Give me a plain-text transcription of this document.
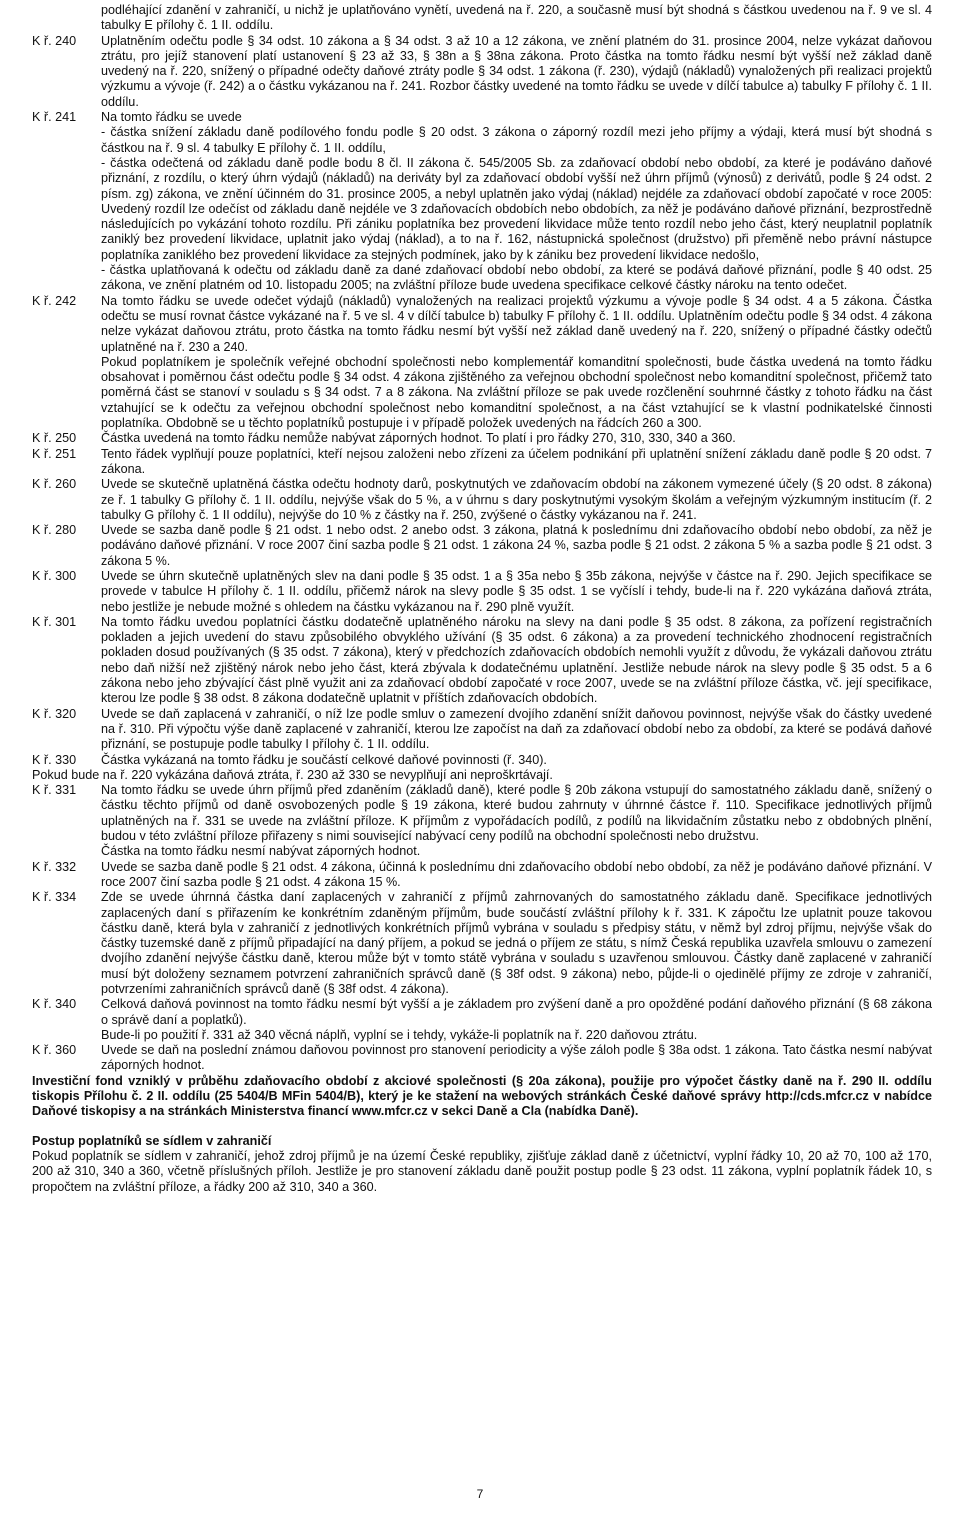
podléhající zdanění v zahraničí, u nichž je uplatňováno vynětí, uvedená na ř. 220, a současně musí být shodná s částkou uvedenou na ř. 9 ve sl. 4 tabulky E přílohy č. 1 II. oddílu.

K ř. 240	Uplatněním odečtu podle § 34 odst. 10 zákona a § 34 odst. 3 až 10 a 12 zákona, ve znění platném do 31. prosince 2004, nelze vykázat daňovou ztrátu, pro jejíž stanovení platí ustanovení § 23 až 33, § 38n a § 38na zákona. Proto částka na tomto řádku nesmí být vyšší než základ daně uvedený na ř. 220, snížený o případné odečty daňové ztráty podle § 34 odst. 1 zákona (ř. 230), výdajů (nákladů) vynaložených při realizaci projektů výzkumu a vývoje (ř. 242) a o částku vykázanou na ř. 241. Rozbor částky uvedené na tomto řádku se uvede v dílčí tabulce a) tabulky F přílohy č. 1 II. oddílu.

K ř. 241	Na tomto řádku se uvede

- částka snížení základu daně podílového fondu podle § 20 odst. 3 zákona o záporný rozdíl mezi jeho příjmy a výdaji, která musí být shodná s částkou na ř. 9 sl. 4 tabulky E přílohy č. 1 II. oddílu,

- částka odečtená od základu daně podle bodu 8 čl. II zákona č. 545/2005 Sb. za zdaňovací období nebo období, za které je podáváno daňové přiznání, z rozdílu, o který úhrn výdajů (nákladů) na deriváty byl za zdaňovací období vyšší než úhrn příjmů (výnosů) z derivátů, podle § 24 odst. 2 písm. zg) zákona, ve znění účinném do 31. prosince 2005, a nebyl uplatněn jako výdaj (náklad) nejdéle za zdaňovací období započaté v roce 2005: Uvedený rozdíl lze odečíst od základu daně nejdéle ve 3 zdaňovacích obdobích nebo obdobích, za něž je podáváno daňové přiznání, bezprostředně následujících po vykázání tohoto rozdílu. Při zániku poplatníka bez provedení likvidace může tento rozdíl nebo jeho část, který neuplatnil poplatník zaniklý bez provedení likvidace, uplatnit jako výdaj (náklad), a to na ř. 162, nástupnická společnost (družstvo) při přeměně nebo právní nástupce poplatníka zaniklého bez provedení likvidace za stejných podmínek, jako by k zániku bez provedení likvidace nedošlo,

- částka uplatňovaná k odečtu od základu daně za dané zdaňovací období nebo období, za které se podává daňové přiznání, podle § 40 odst. 25 zákona, ve znění platném od 10. listopadu 2005; na zvláštní příloze bude uvedena specifikace celkové částky nároku na tento odečet.

K ř. 242	Na tomto řádku se uvede odečet výdajů (nákladů) vynaložených na realizaci projektů výzkumu a vývoje podle § 34 odst. 4 a 5 zákona. Částka odečtu se musí rovnat částce vykázané na ř. 5 ve sl. 4 v dílčí tabulce b) tabulky F přílohy č. 1 II. oddílu. Uplatněním odečtu podle § 34 odst. 4 zákona nelze vykázat daňovou ztrátu, proto částka na tomto řádku nesmí být vyšší než základ daně uvedený na ř. 220, snížený o případné částky odečtů uplatněné na ř. 230 a 240.

Pokud poplatníkem je společník veřejné obchodní společnosti nebo komplementář komanditní společnosti, bude částka uvedená na tomto řádku obsahovat i poměrnou část odečtu podle § 34 odst. 4 zákona zjištěného za veřejnou obchodní společnost nebo komanditní společnost, přičemž tato poměrná část se stanoví v souladu s § 34 odst. 7 a 8 zákona. Na zvláštní příloze se pak uvede rozčlenění souhrnné částky z tohoto řádku na část vztahující se k odečtu za veřejnou obchodní společnost nebo komanditní společnost, a na část vztahující se k vlastní podnikatelské činnosti poplatníka. Obdobně se u těchto poplatníků postupuje i v případě položek uvedených na řádcích 260 a 300.

K ř. 250	Částka uvedená na tomto řádku nemůže nabývat záporných hodnot. To platí i pro řádky 270, 310, 330, 340 a 360.

K ř. 251	Tento řádek vyplňují pouze poplatníci, kteří nejsou založeni nebo zřízeni za účelem podnikání při uplatnění snížení základu daně podle § 20 odst. 7 zákona.

K ř. 260	Uvede se skutečně uplatněná částka odečtu hodnoty darů, poskytnutých ve zdaňovacím období na zákonem vymezené účely (§ 20 odst. 8 zákona) ze ř. 1 tabulky G přílohy č. 1 II. oddílu, nejvýše však do 5 %, a v úhrnu s dary poskytnutými vysokým školám a veřejným výzkumným institucím (ř. 2 tabulky G přílohy č. 1 II oddílu), nejvýše do 10 % z částky na ř. 250, zvýšené o částky vykázanou na ř. 241.

K ř. 280	Uvede se sazba daně podle § 21 odst. 1 nebo odst. 2 anebo odst. 3 zákona, platná k poslednímu dni zdaňovacího období nebo období, za něž je podáváno daňové přiznání. V roce 2007 činí sazba podle § 21 odst. 1 zákona 24 %, sazba podle § 21 odst. 2 zákona 5 % a sazba podle § 21 odst. 3 zákona 5 %.

K ř. 300	Uvede se úhrn skutečně uplatněných slev na dani podle § 35 odst. 1 a § 35a nebo § 35b zákona, nejvýše v částce na ř. 290. Jejich specifikace se provede v tabulce H přílohy č. 1 II. oddílu, přičemž nárok na slevy podle § 35 odst. 1 se vyčíslí i tehdy, bude-li na ř. 220 vykázána daňová ztráta, nebo jestliže je nebude možné s ohledem na částku vykázanou na ř. 290 plně využít.

K ř. 301	Na tomto řádku uvedou poplatníci částku dodatečně uplatněného nároku na slevy na dani podle § 35 odst. 8 zákona, za pořízení registračních pokladen a jejich uvedení do stavu způsobilého obvyklého užívání (§ 35 odst. 6 zákona) a za provedení technického zhodnocení registračních pokladen dosud používaných (§ 35 odst. 7 zákona), který v předchozích zdaňovacích obdobích nemohli využít z důvodu, že vykázali daňovou ztrátu nebo daň nižší než zjištěný nárok nebo jeho část, která zbývala k dodatečnému uplatnění. Jestliže nebude nárok na slevy podle § 35 odst. 5 a 6 zákona nebo jeho zbývající část plně využit ani za zdaňovací období započaté v roce 2007, uvede se na zvláštní příloze částka, vč. její specifikace, kterou lze podle § 38 odst. 8 zákona dodatečně uplatnit v příštích zdaňovacích obdobích.

K ř. 320	Uvede se daň zaplacená v zahraničí, o níž lze podle smluv o zamezení dvojího zdanění snížit daňovou povinnost, nejvýše však do částky uvedené na ř. 310. Při výpočtu výše daně zaplacené v zahraničí, kterou lze započíst na daň za zdaňovací období nebo za období, za které se podává daňové přiznání, se postupuje podle tabulky I přílohy č. 1 II. oddílu.

K ř. 330	Částka vykázaná na tomto řádku je součástí celkové daňové povinnosti (ř. 340).

Pokud bude na ř. 220 vykázána daňová ztráta, ř. 230 až 330 se nevyplňují ani neproškrtávají.

K ř. 331	Na tomto řádku se uvede úhrn příjmů před zdaněním (základů daně), které podle § 20b zákona vstupují do samostatného základu daně, snížený o částku těchto příjmů od daně osvobozených podle § 19 zákona, které budou zahrnuty v úhrnné částce ř. 110. Specifikace jednotlivých příjmů uplatněných na ř. 331 se uvede na zvláštní příloze. K příjmům z vypořádacích podílů, z podílů na likvidačním zůstatku nebo z obdobných plnění, budou v této zvláštní příloze přiřazeny s nimi související nabývací ceny podílů na obchodní společnosti nebo družstvu.

Částka na tomto řádku nesmí nabývat záporných hodnot.

K ř. 332	Uvede se sazba daně podle § 21 odst. 4 zákona, účinná k poslednímu dni zdaňovacího období nebo období, za něž je podáváno daňové přiznání. V roce 2007 činí sazba podle § 21 odst. 4 zákona 15 %.

K ř. 334	Zde se uvede úhrnná částka daní zaplacených v zahraničí z příjmů zahrnovaných do samostatného základu daně. Specifikace jednotlivých zaplacených daní s přiřazením ke konkrétním zdaněným příjmům, bude součástí zvláštní přílohy k ř. 331. K zápočtu lze uplatnit pouze takovou částku daně, která byla v zahraničí z jednotlivých konkrétních příjmů vybrána v souladu s předpisy státu, v němž byl zdroj příjmu, nejvýše však do částky tuzemské daně z příjmů připadající na daný příjem, a pokud se jedná o příjem ze státu, s nímž Česká republika uzavřela smlouvu o zamezení dvojího zdanění nejvýše částku daně, kterou může být v tomto státě vybrána v souladu s uzavřenou smlouvou. Částky daně zaplacené v zahraničí musí být doloženy seznamem potvrzení zahraničních správců daně (§ 38f odst. 9 zákona) nebo, půjde-li o ojedinělé příjmy ze zdroje v zahraničí, potvrzeními zahraničních správců daně (§ 38f odst. 4 zákona).

K ř. 340	Celková daňová povinnost na tomto řádku nesmí být vyšší a je základem pro zvýšení daně a pro opožděné podání daňového přiznání (§ 68 zákona o správě daní a poplatků).

Bude-li po použití ř. 331 až 340 věcná náplň, vyplní se i tehdy, vykáže-li poplatník na ř. 220 daňovou ztrátu.

K ř. 360	Uvede se daň na poslední známou daňovou povinnost pro stanovení periodicity a výše záloh podle § 38a odst. 1 zákona. Tato částka nesmí nabývat záporných hodnot.

Investiční fond vzniklý v průběhu zdaňovacího období z akciové společnosti (§ 20a zákona), použije pro výpočet částky daně na ř. 290 II. oddílu tiskopis Přílohu č. 2 II. oddílu (25 5404/B MFin 5404/B), který je ke stažení na webových stránkách České daňové správy http://cds.mfcr.cz v nabídce Daňové tiskopisy a na stránkách Ministerstva financí www.mfcr.cz v sekci Daně a Cla (nabídka Daně).

Postup poplatníků se sídlem v zahraničí

Pokud poplatník se sídlem v zahraničí, jehož zdroj příjmů je na území České republiky, zjišťuje základ daně z účetnictví, vyplní řádky 10, 20 až 70, 100 až 170, 200 až 310, 340 a 360, včetně příslušných příloh. Jestliže je pro stanovení základu daně použit postup podle § 23 odst. 11 zákona, vyplní poplatník řádek 10, s propočtem na zvláštní příloze, a řádky 200 až 310, 340 a 360.

7
